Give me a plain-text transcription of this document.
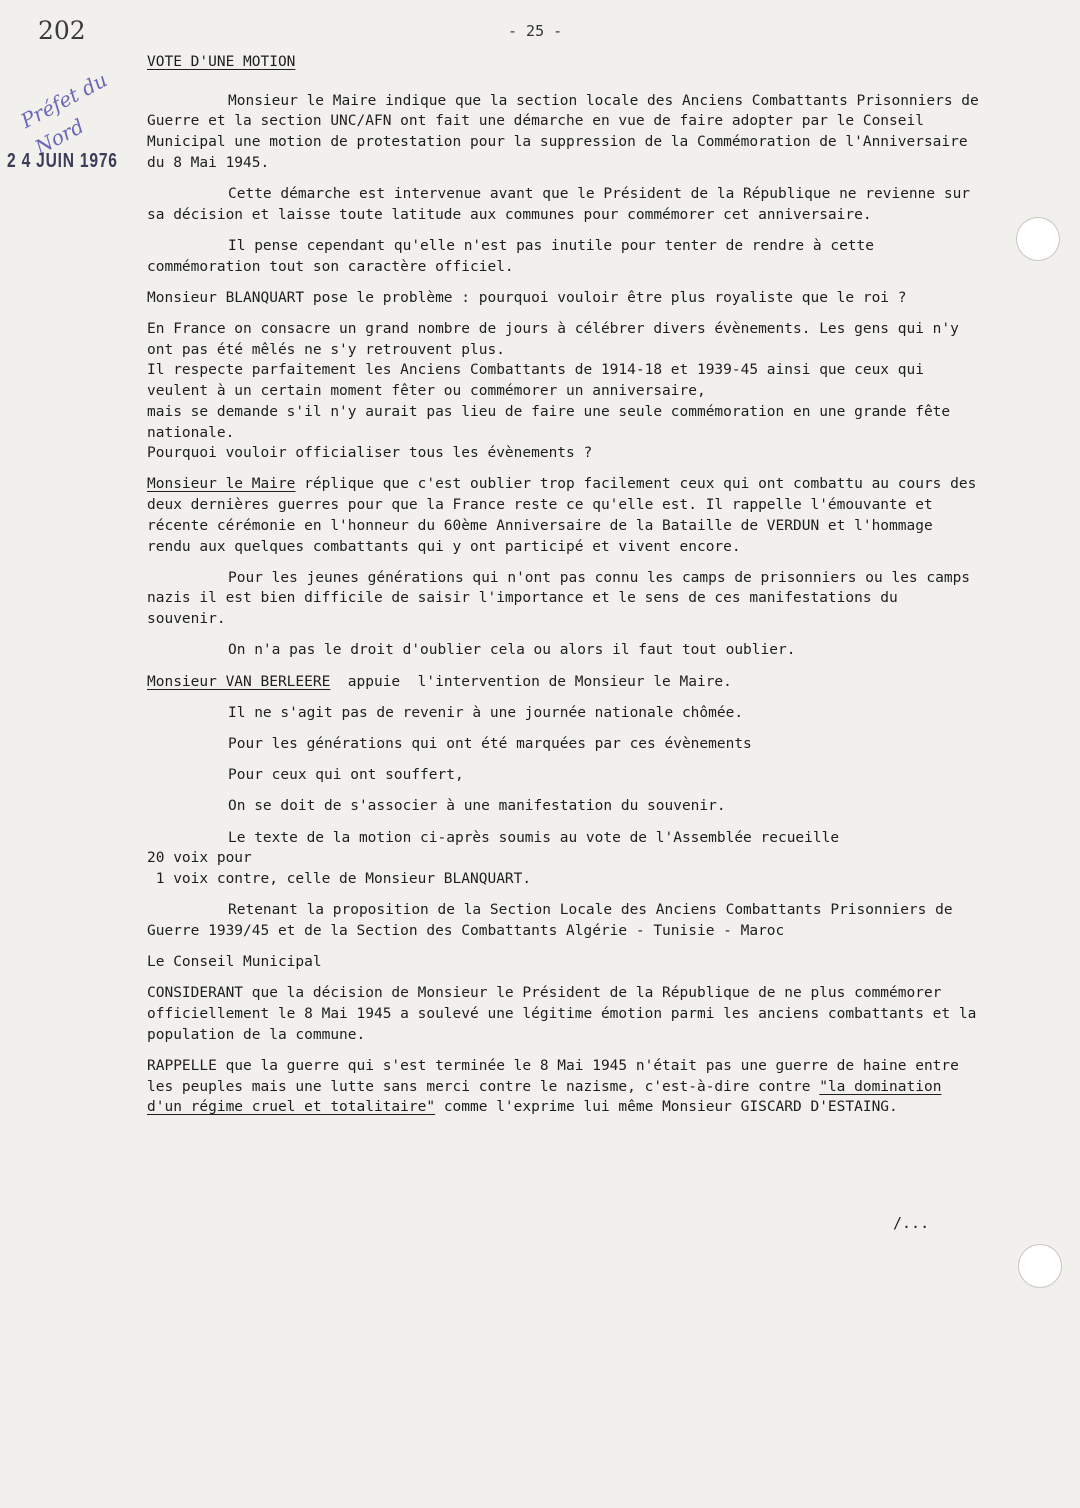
202	- 25 -
Préfet du Nord
2 4 JUIN 1976

VOTE D'UNE MOTION

Monsieur le Maire indique que la section locale des Anciens Combattants Prisonniers de Guerre et la section UNC/AFN ont fait une démarche en vue de faire adopter par le Conseil Municipal une motion de protestation pour la suppression de la Commémoration de l'Anniversaire du 8 Mai 1945.

Cette démarche est intervenue avant que le Président de la République ne revienne sur sa décision et laisse toute latitude aux communes pour commémorer cet anniversaire.

Il pense cependant qu'elle n'est pas inutile pour tenter de rendre à cette commémoration tout son caractère officiel.

Monsieur BLANQUART pose le problème : pourquoi vouloir être plus royaliste que le roi ?

En France on consacre un grand nombre de jours à célébrer divers évènements. Les gens qui n'y ont pas été mêlés ne s'y retrouvent plus.
Il respecte parfaitement les Anciens Combattants de 1914-18 et 1939-45 ainsi que ceux qui veulent à un certain moment fêter ou commémorer un anniversaire,
mais se demande s'il n'y aurait pas lieu de faire une seule commémoration en une grande fête nationale.
Pourquoi vouloir officialiser tous les évènements ?

Monsieur le Maire réplique que c'est oublier trop facilement ceux qui ont combattu au cours des deux dernières guerres pour que la France reste ce qu'elle est. Il rappelle l'émouvante et récente cérémonie en l'honneur du 60ème Anniversaire de la Bataille de VERDUN et l'hommage rendu aux quelques combattants qui y ont participé et vivent encore.

Pour les jeunes générations qui n'ont pas connu les camps de prisonniers ou les camps nazis il est bien difficile de saisir l'importance et le sens de ces manifestations du souvenir.

On n'a pas le droit d'oublier cela ou alors il faut tout oublier.

Monsieur VAN BERLEERE  appuie  l'intervention de Monsieur le Maire.

Il ne s'agit pas de revenir à une journée nationale chômée.

Pour les générations qui ont été marquées par ces évènements

Pour ceux qui ont souffert,

On se doit de s'associer à une manifestation du souvenir.

Le texte de la motion ci-après soumis au vote de l'Assemblée recueille
20 voix pour
1 voix contre, celle de Monsieur BLANQUART.

Retenant la proposition de la Section Locale des Anciens Combattants Prisonniers de Guerre 1939/45 et de la Section des Combattants Algérie - Tunisie - Maroc

Le Conseil Municipal

CONSIDERANT que la décision de Monsieur le Président de la République de ne plus commémorer officiellement le 8 Mai 1945 a soulevé une légitime émotion parmi les anciens combattants et la population de la commune.

RAPPELLE que la guerre qui s'est terminée le 8 Mai 1945 n'était pas une guerre de haine entre les peuples mais une lutte sans merci contre le nazisme, c'est-à-dire contre "la domination d'un régime cruel et totalitaire" comme l'exprime lui même Monsieur GISCARD D'ESTAING.

/...
